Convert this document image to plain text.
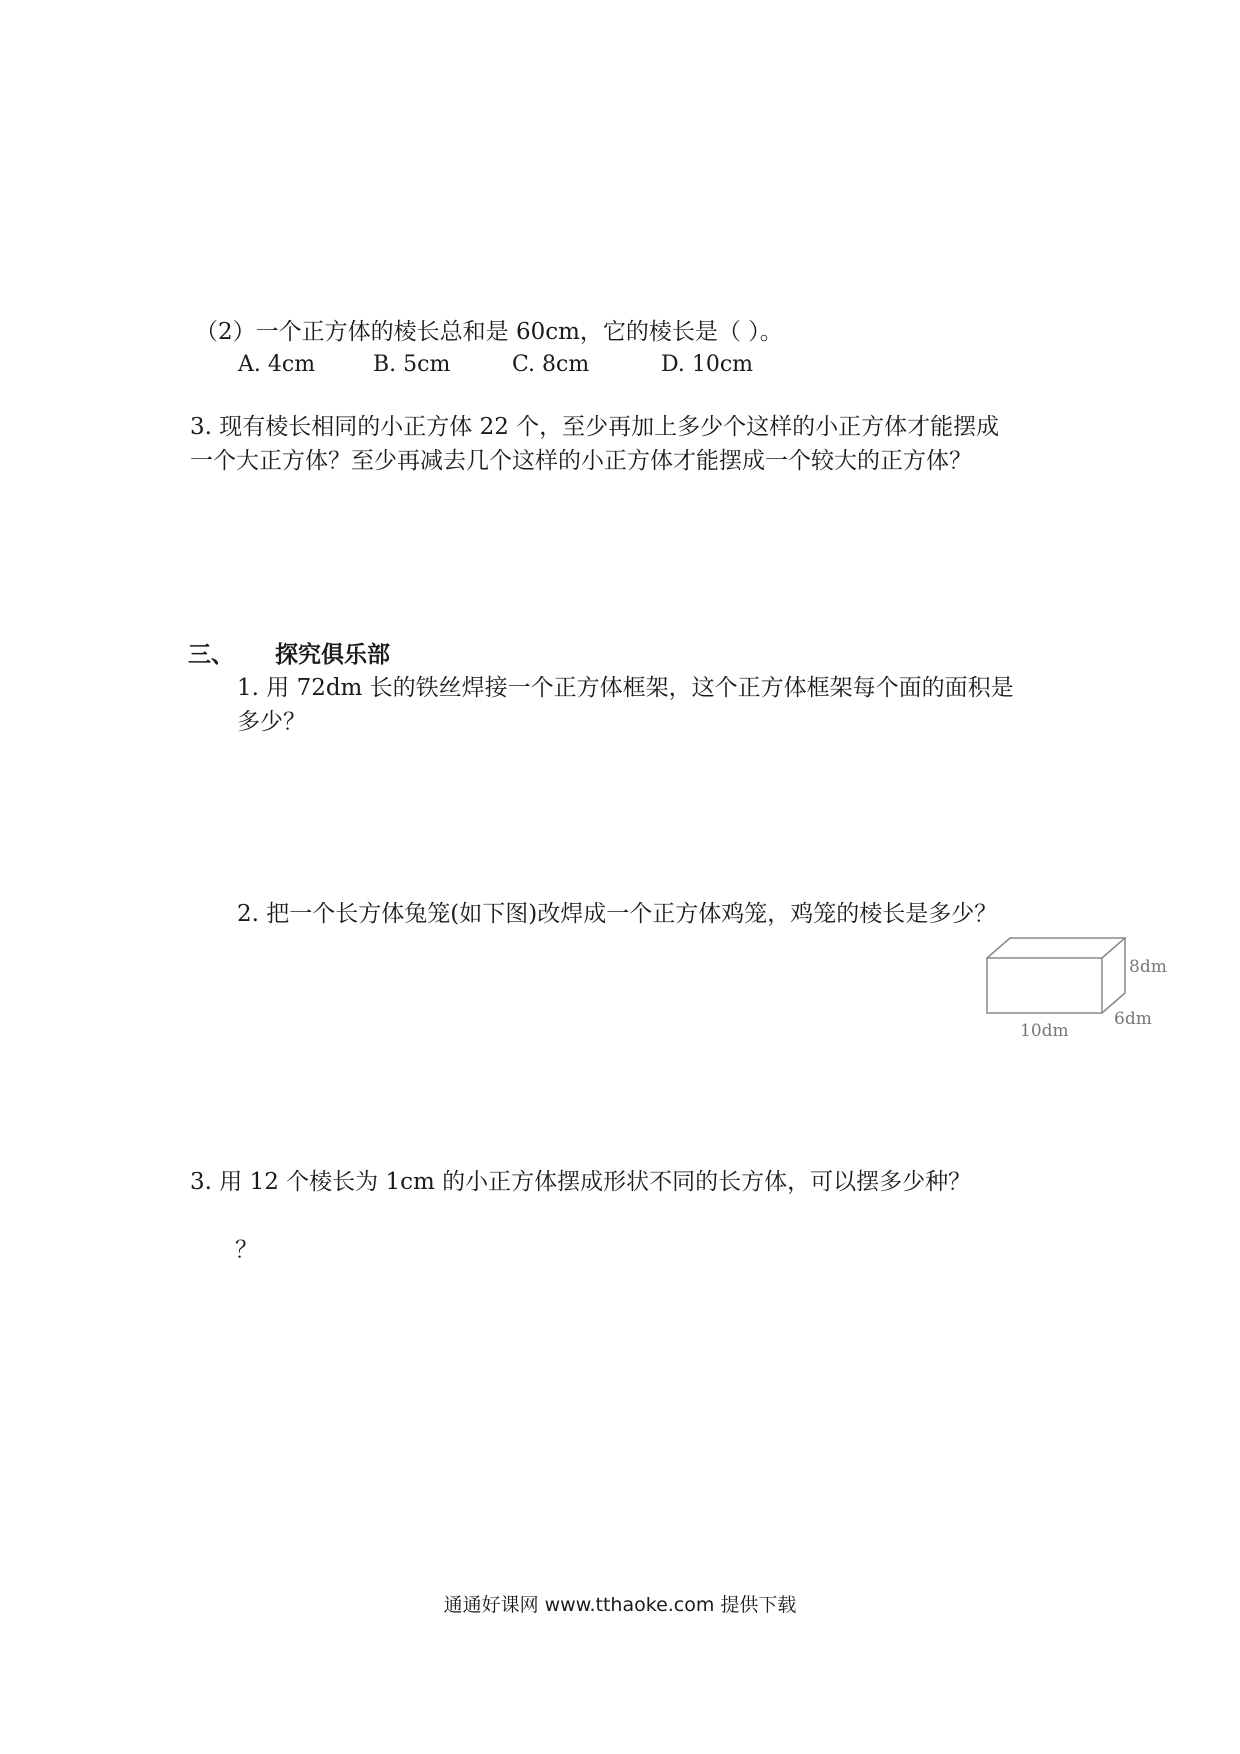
（2）一个正方体的棱长总和是 60cm，它的棱长是（ ）。
A. 4cm	B. 5cm	C. 8cm	D. 10cm
3. 现有棱长相同的小正方体 22 个，至少再加上多少个这样的小正方体才能摆成
一个大正方体？至少再减去几个这样的小正方体才能摆成一个较大的正方体？
三、 探究俱乐部
1. 用 72dm 长的铁丝焊接一个正方体框架，这个正方体框架每个面的面积是
多少？
2. 把一个长方体兔笼(如下图)改焊成一个正方体鸡笼，鸡笼的棱长是多少？
8dm
10dm
6dm
3. 用 12 个棱长为 1cm 的小正方体摆成形状不同的长方体，可以摆多少种？
？
通通好课网 www.tthaoke.com 提供下载
